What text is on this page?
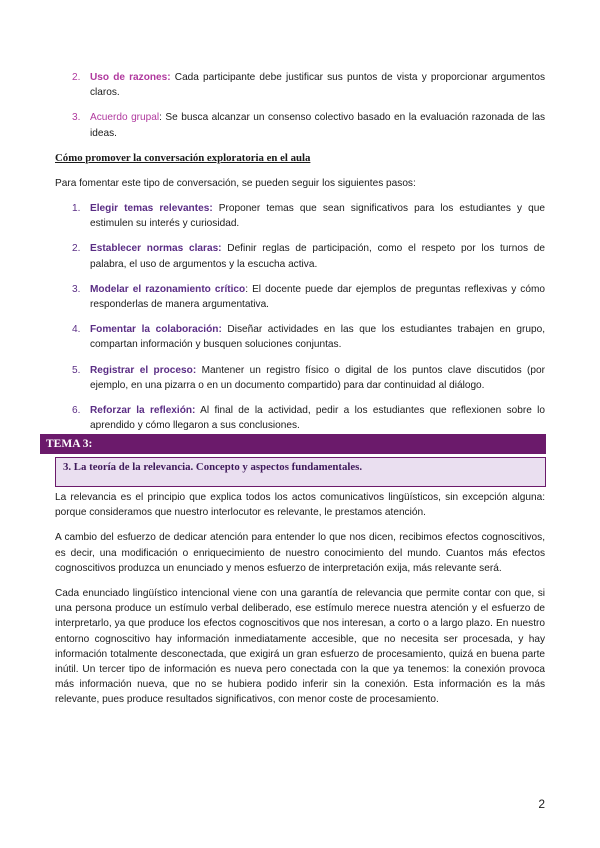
2. Uso de razones: Cada participante debe justificar sus puntos de vista y proporcionar argumentos claros.
3. Acuerdo grupal: Se busca alcanzar un consenso colectivo basado en la evaluación razonada de las ideas.
Cómo promover la conversación exploratoria en el aula

Para fomentar este tipo de conversación, se pueden seguir los siguientes pasos:

1. Elegir temas relevantes: Proponer temas que sean significativos para los estudiantes y que estimulen su interés y curiosidad.
2. Establecer normas claras: Definir reglas de participación, como el respeto por los turnos de palabra, el uso de argumentos y la escucha activa.
3. Modelar el razonamiento crítico: El docente puede dar ejemplos de preguntas reflexivas y cómo responderlas de manera argumentativa.
4. Fomentar la colaboración: Diseñar actividades en las que los estudiantes trabajen en grupo, compartan información y busquen soluciones conjuntas.
5. Registrar el proceso: Mantener un registro físico o digital de los puntos clave discutidos (por ejemplo, en una pizarra o en un documento compartido) para dar continuidad al diálogo.
6. Reforzar la reflexión: Al final de la actividad, pedir a los estudiantes que reflexionen sobre lo aprendido y cómo llegaron a sus conclusiones.
TEMA 3:
3. La teoría de la relevancia. Concepto y aspectos fundamentales.

La relevancia es el principio que explica todos los actos comunicativos lingüísticos, sin excepción alguna: porque consideramos que nuestro interlocutor es relevante, le prestamos atención.

A cambio del esfuerzo de dedicar atención para entender lo que nos dicen, recibimos efectos cognoscitivos, es decir, una modificación o enriquecimiento de nuestro conocimiento del mundo. Cuantos más efectos cognoscitivos produzca un enunciado y menos esfuerzo de interpretación exija, más relevante será.

Cada enunciado lingüístico intencional viene con una garantía de relevancia que permite contar con que, si una persona produce un estímulo verbal deliberado, ese estímulo merece nuestra atención y el esfuerzo de interpretarlo, ya que produce los efectos cognoscitivos que nos interesan, a corto o a largo plazo. En nuestro entorno cognoscitivo hay información inmediatamente accesible, que no necesita ser procesada, y hay información totalmente desconectada, que exigirá un gran esfuerzo de procesamiento, quizá en buena parte inútil. Un tercer tipo de información es nueva pero conectada con la que ya tenemos: la conexión provoca más información nueva, que no se hubiera podido inferir sin la conexión. Esta información es la más relevante, pues produce resultados significativos, con menor coste de procesamiento.

2
